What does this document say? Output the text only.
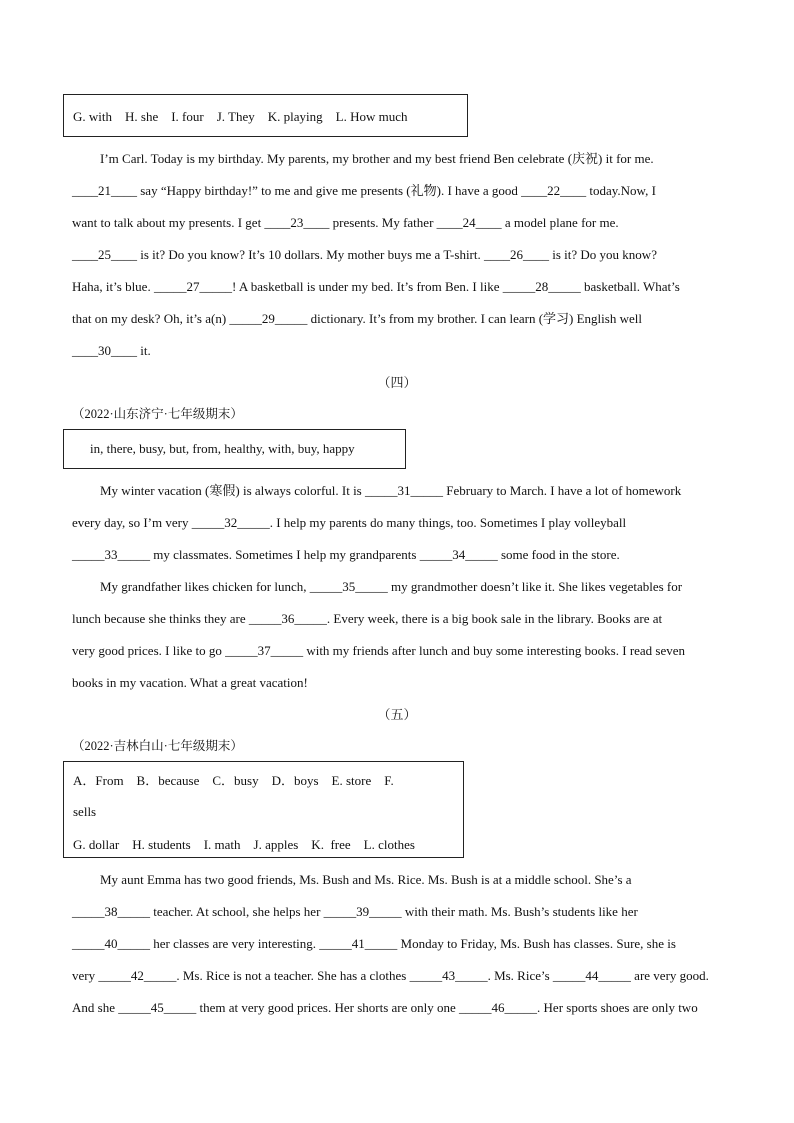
G. with    H. she    I. four    J. They    K. playing    L. How much

I’m Carl. Today is my birthday. My parents, my brother and my best friend Ben celebrate (庆祝) it for me.

____21____ say “Happy birthday!” to me and give me presents (礼物). I have a good ____22____ today.Now, I

want to talk about my presents. I get ____23____ presents. My father ____24____ a model plane for me.

____25____ is it? Do you know? It’s 10 dollars. My mother buys me a T-shirt. ____26____ is it? Do you know?

Haha, it’s blue. _____27_____! A basketball is under my bed. It’s from Ben. I like _____28_____ basketball. What’s

that on my desk? Oh, it’s a(n) _____29_____ dictionary. It’s from my brother. I can learn (学习) English well

____30____ it.

（四）

（2022·山东济宁·七年级期末）

in, there, busy, but, from, healthy, with, buy, happy

My winter vacation (寒假) is always colorful. It is _____31_____ February to March. I have a lot of homework

every day, so I’m very _____32_____. I help my parents do many things, too. Sometimes I play volleyball

_____33_____ my classmates. Sometimes I help my grandparents _____34_____ some food in the store.

My grandfather likes chicken for lunch, _____35_____ my grandmother doesn’t like it. She likes vegetables for

lunch because she thinks they are _____36_____. Every week, there is a big book sale in the library. Books are at

very good prices. I like to go _____37_____ with my friends after lunch and buy some interesting books. I read seven

books in my vacation. What a great vacation!

（五）

（2022·吉林白山·七年级期末）

A．From    B．because    C．busy    D．boys    E. store    F.
sells
G. dollar    H. students    I. math    J. apples    K.  free    L. clothes

My aunt Emma has two good friends, Ms. Bush and Ms. Rice. Ms. Bush is at a middle school. She’s a

_____38_____ teacher. At school, she helps her _____39_____ with their math. Ms. Bush’s students like her

_____40_____ her classes are very interesting. _____41_____ Monday to Friday, Ms. Bush has classes. Sure, she is

very _____42_____. Ms. Rice is not a teacher. She has a clothes _____43_____. Ms. Rice’s _____44_____ are very good.

And she _____45_____ them at very good prices. Her shorts are only one _____46_____. Her sports shoes are only two
